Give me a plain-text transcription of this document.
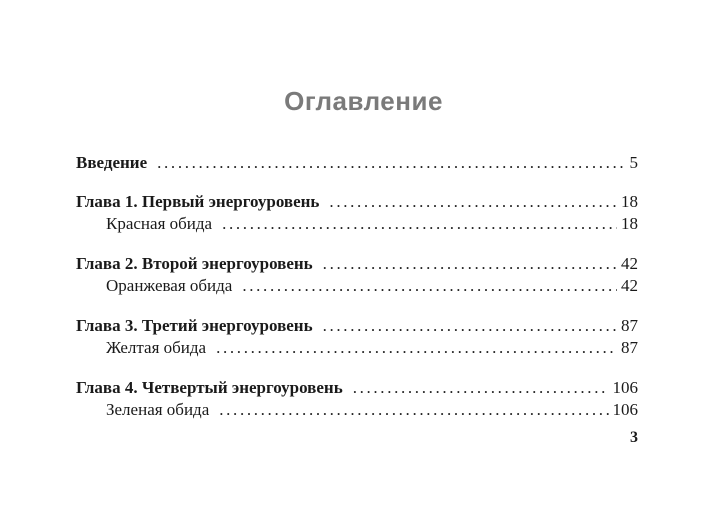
Оглавление
Введение . . .	5
Глава 1. Первый энергоуровень . . .	18
Красная обида . . .	18
Глава 2. Второй энергоуровень . . .	42
Оранжевая обида . . .	42
Глава 3. Третий энергоуровень . . .	87
Желтая обида . . .	87
Глава 4. Четвертый энергоуровень . . .	106
Зеленая обида . . .	106
3
